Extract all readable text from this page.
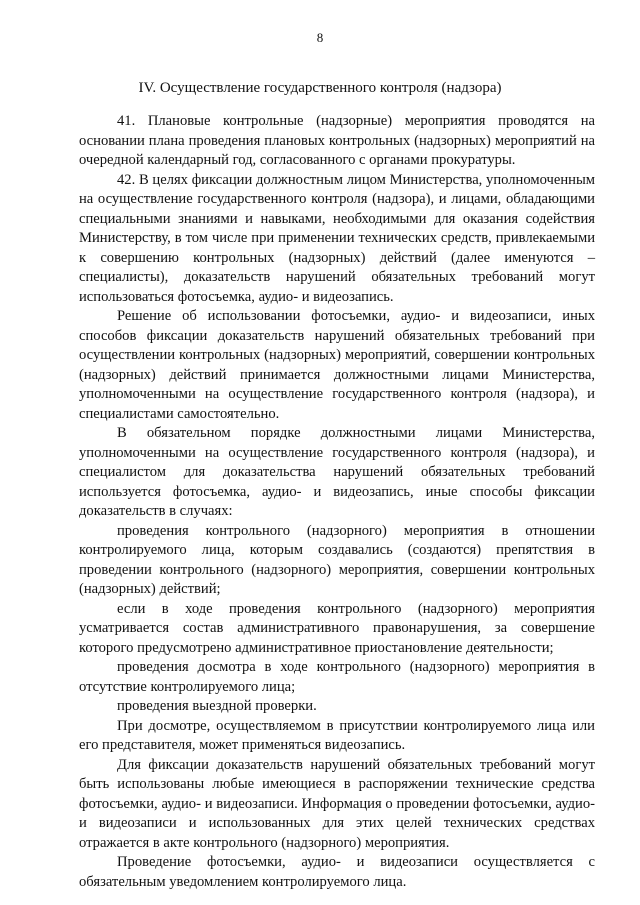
8
IV. Осуществление государственного контроля (надзора)

41. Плановые контрольные (надзорные) мероприятия проводятся на основании плана проведения плановых контрольных (надзорных) мероприятий на очередной календарный год, согласованного с органами прокуратуры.

42. В целях фиксации должностным лицом Министерства, уполномоченным на осуществление государственного контроля (надзора), и лицами, обладающими специальными знаниями и навыками, необходимыми для оказания содействия Министерству, в том числе при применении технических средств, привлекаемыми к совершению контрольных (надзорных) действий (далее именуются – специалисты), доказательств нарушений обязательных требований могут использоваться фотосъемка, аудио- и видеозапись.

Решение об использовании фотосъемки, аудио- и видеозаписи, иных способов фиксации доказательств нарушений обязательных требований при осуществлении контрольных (надзорных) мероприятий, совершении контрольных (надзорных) действий принимается должностными лицами Министерства, уполномоченными на осуществление государственного контроля (надзора), и специалистами самостоятельно.

В обязательном порядке должностными лицами Министерства, уполномоченными на осуществление государственного контроля (надзора), и специалистом для доказательства нарушений обязательных требований используется фотосъемка, аудио- и видеозапись, иные способы фиксации доказательств в случаях:

проведения контрольного (надзорного) мероприятия в отношении контролируемого лица, которым создавались (создаются) препятствия в проведении контрольного (надзорного) мероприятия, совершении контрольных (надзорных) действий;

если в ходе проведения контрольного (надзорного) мероприятия усматривается состав административного правонарушения, за совершение которого предусмотрено административное приостановление деятельности;

проведения досмотра в ходе контрольного (надзорного) мероприятия в отсутствие контролируемого лица;

проведения выездной проверки.

При досмотре, осуществляемом в присутствии контролируемого лица или его представителя, может применяться видеозапись.

Для фиксации доказательств нарушений обязательных требований могут быть использованы любые имеющиеся в распоряжении технические средства фотосъемки, аудио- и видеозаписи. Информация о проведении фотосъемки, аудио- и видеозаписи и использованных для этих целей технических средствах отражается в акте контрольного (надзорного) мероприятия.

Проведение фотосъемки, аудио- и видеозаписи осуществляется с обязательным уведомлением контролируемого лица.
